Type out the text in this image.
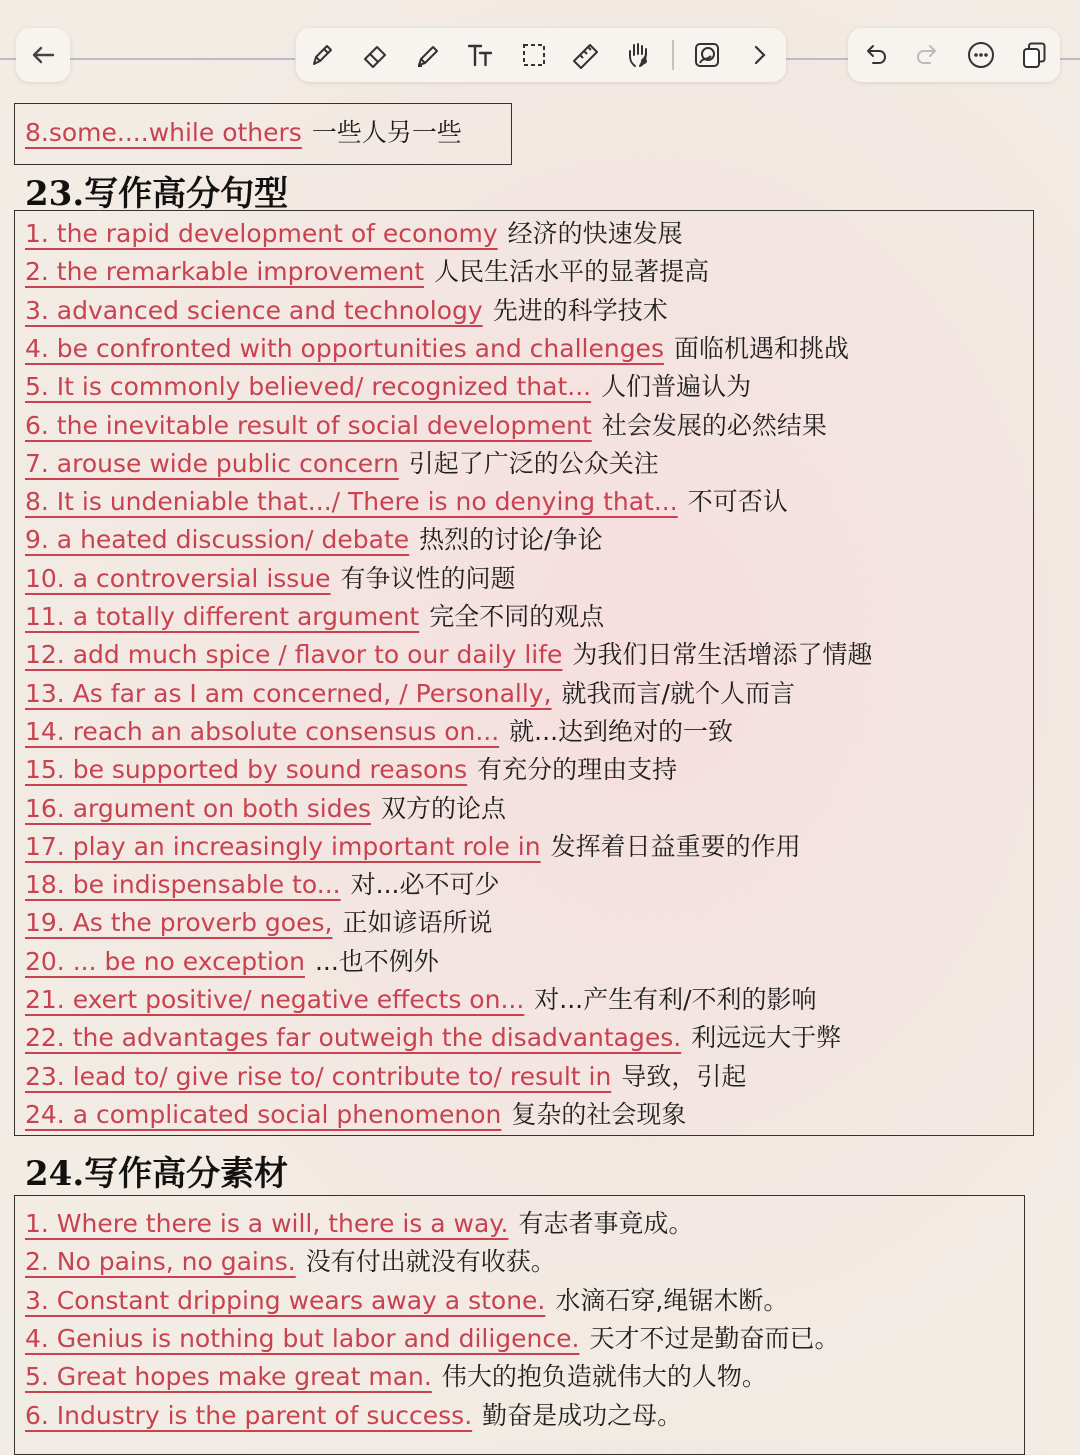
8.some....while others 一些人另一些
23.写作高分句型
1. the rapid development of economy 经济的快速发展
2. the remarkable improvement 人民生活水平的显著提高
3. advanced science and technology 先进的科学技术
4. be confronted with opportunities and challenges 面临机遇和挑战
5. It is commonly believed/ recognized that... 人们普遍认为
6. the inevitable result of social development 社会发展的必然结果
7. arouse wide public concern 引起了广泛的公众关注
8. It is undeniable that.../ There is no denying that... 不可否认
9. a heated discussion/ debate 热烈的讨论/争论
10. a controversial issue 有争议性的问题
11. a totally different argument 完全不同的观点
12. add much spice / flavor to our daily life 为我们日常生活增添了情趣
13. As far as I am concerned, / Personally, 就我而言/就个人而言
14. reach an absolute consensus on... 就...达到绝对的一致
15. be supported by sound reasons 有充分的理由支持
16. argument on both sides 双方的论点
17. play an increasingly important role in 发挥着日益重要的作用
18. be indispensable to... 对...必不可少
19. As the proverb goes, 正如谚语所说
20. ... be no exception ...也不例外
21. exert positive/ negative effects on... 对...产生有利/不利的影响
22. the advantages far outweigh the disadvantages. 利远远大于弊
23. lead to/ give rise to/ contribute to/ result in 导致，引起
24. a complicated social phenomenon 复杂的社会现象
24.写作高分素材
1. Where there is a will, there is a way. 有志者事竟成。
2. No pains, no gains. 没有付出就没有收获。
3. Constant dripping wears away a stone. 水滴石穿,绳锯木断。
4. Genius is nothing but labor and diligence. 天才不过是勤奋而已。
5. Great hopes make great man. 伟大的抱负造就伟大的人物。
6. Industry is the parent of success. 勤奋是成功之母。
